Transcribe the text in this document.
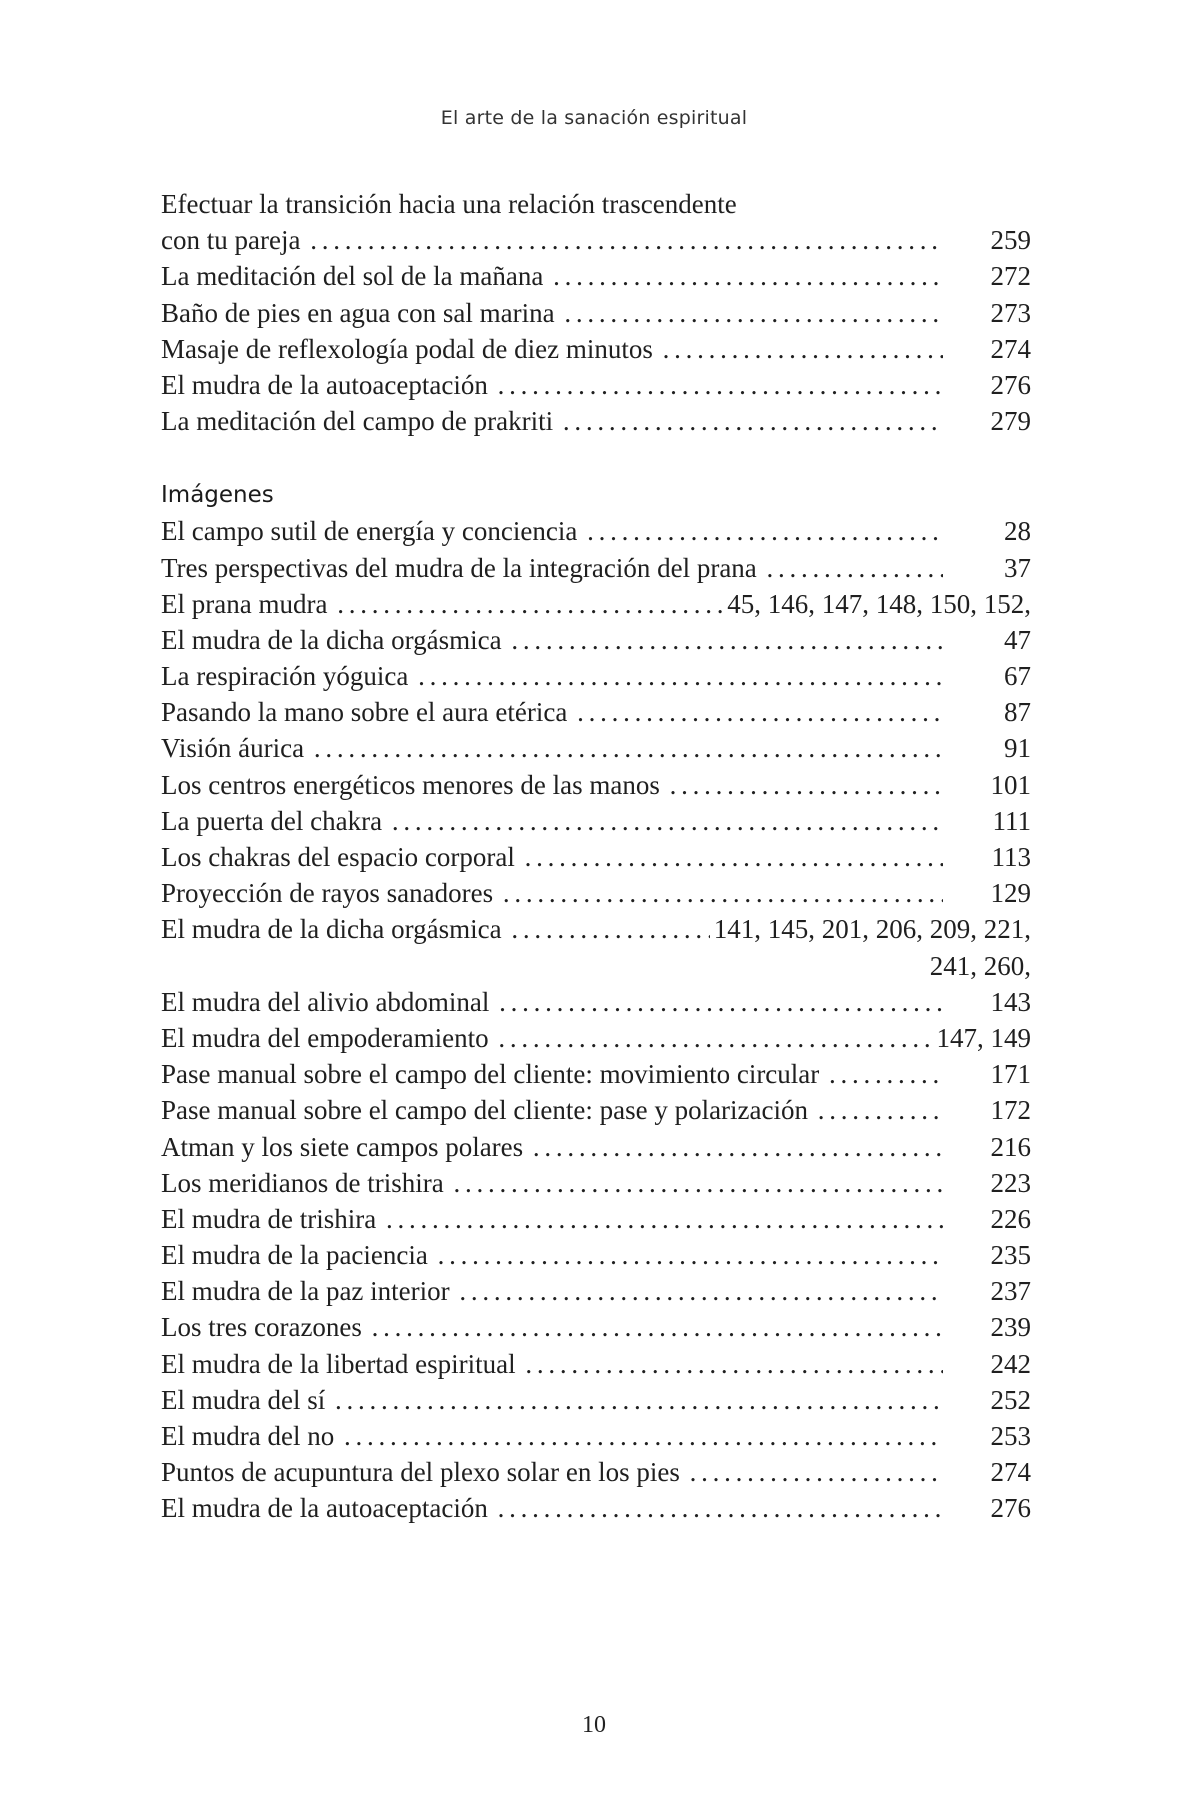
El arte de la sanación espiritual
Efectuar la transición hacia una relación trascendente
con tu pareja . . .	259
La meditación del sol de la mañana . . .	272
Baño de pies en agua con sal marina . . .	273
Masaje de reflexología podal de diez minutos . . .	274
El mudra de la autoaceptación . . .	276
La meditación del campo de prakriti . . .	279
Imágenes
El campo sutil de energía y conciencia . . .	28
Tres perspectivas del mudra de la integración del prana . . .	37
El prana mudra . . .	45, 146, 147, 148, 150, 152,
El mudra de la dicha orgásmica . . .	47
La respiración yóguica . . .	67
Pasando la mano sobre el aura etérica . . .	87
Visión áurica . . .	91
Los centros energéticos menores de las manos . . .	101
La puerta del chakra . . .	111
Los chakras del espacio corporal . . .	113
Proyección de rayos sanadores . . .	129
El mudra de la dicha orgásmica . . .	141, 145, 201, 206, 209, 221,
241, 260,
El mudra del alivio abdominal . . .	143
El mudra del empoderamiento . . .	147, 149
Pase manual sobre el campo del cliente: movimiento circular . . .	171
Pase manual sobre el campo del cliente: pase y polarización . . .	172
Atman y los siete campos polares . . .	216
Los meridianos de trishira . . .	223
El mudra de trishira . . .	226
El mudra de la paciencia . . .	235
El mudra de la paz interior . . .	237
Los tres corazones . . .	239
El mudra de la libertad espiritual . . .	242
El mudra del sí . . .	252
El mudra del no . . .	253
Puntos de acupuntura del plexo solar en los pies . . .	274
El mudra de la autoaceptación . . .	276
10
